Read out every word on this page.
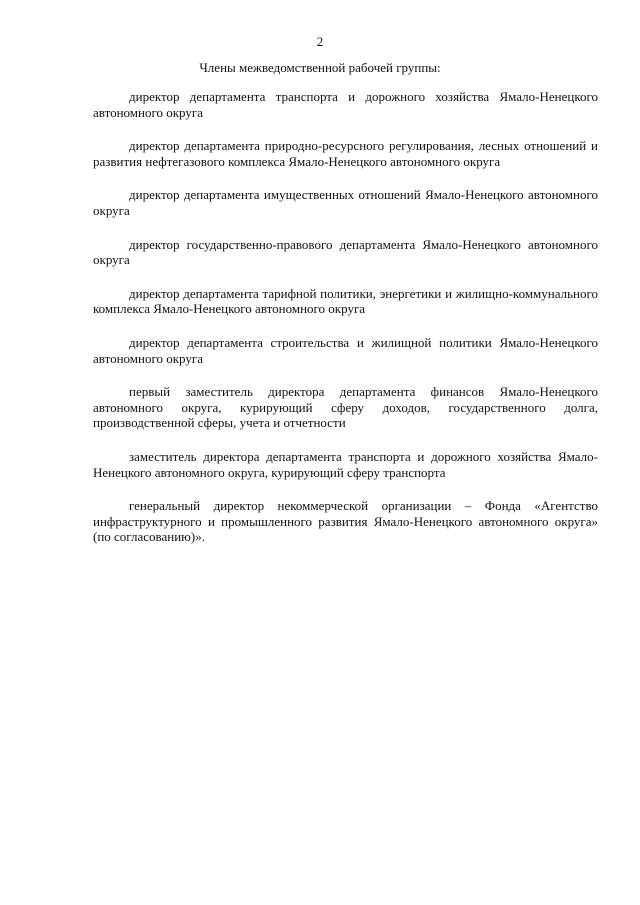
2
Члены межведомственной рабочей группы:
директор департамента транспорта и дорожного хозяйства Ямало-Ненецкого автономного округа
директор департамента природно-ресурсного регулирования, лесных отношений и развития нефтегазового комплекса Ямало-Ненецкого автономного округа
директор департамента имущественных отношений Ямало-Ненецкого автономного округа
директор государственно-правового департамента Ямало-Ненецкого автономного округа
директор департамента тарифной политики, энергетики и жилищно-коммунального комплекса Ямало-Ненецкого автономного округа
директор департамента строительства и жилищной политики Ямало-Ненецкого автономного округа
первый заместитель директора департамента финансов Ямало-Ненецкого автономного округа, курирующий сферу доходов, государственного долга, производственной сферы, учета и отчетности
заместитель директора департамента транспорта и дорожного хозяйства Ямало-Ненецкого автономного округа, курирующий сферу транспорта
генеральный директор некоммерческой организации – Фонда «Агентство инфраструктурного и промышленного развития Ямало-Ненецкого автономного округа» (по согласованию)».
